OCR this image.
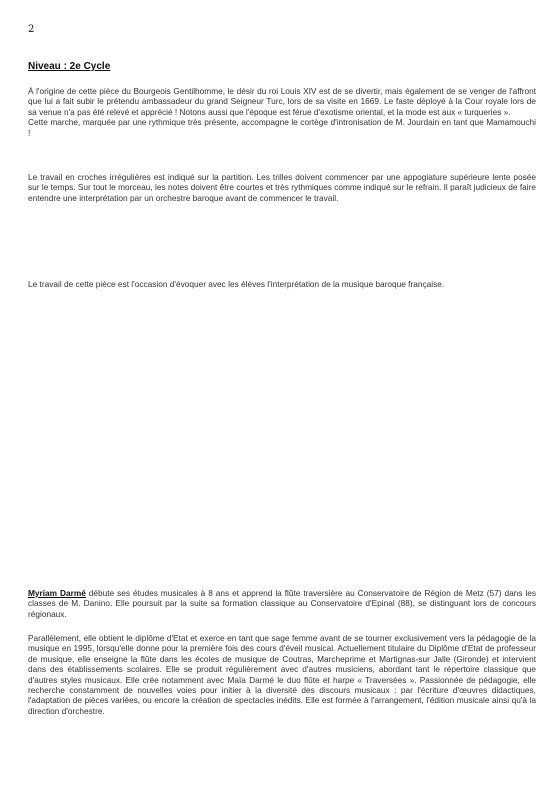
2
Niveau : 2e Cycle

À l'origine de cette pièce du Bourgeois Gentilhomme, le désir du roi Louis XIV est de se divertir, mais également de se venger de l'affront que lui a fait subir le prétendu ambassadeur du grand Seigneur Turc, lors de sa visite en 1669. Le faste déployé à la Cour royale lors de sa venue n'a pas été relevé et apprécié ! Notons aussi que l'époque est férue d'exotisme oriental, et la mode est aux « turqueries ».

Cette marche, marquée par une rythmique très présente, accompagne le cortège d'intronisation de M. Jourdain en tant que Mamamouchi !

Le travail en croches irrégulières est indiqué sur la partition. Les trilles doivent commencer par une appogiature supérieure lente posée sur le temps. Sur tout le morceau, les notes doivent être courtes et très rythmiques comme indiqué sur le refrain. Il paraît judicieux de faire entendre une interprétation par un orchestre baroque avant de commencer le travail.

Le travail de cette pièce est l'occasion d'évoquer avec les élèves l'interprétation de la musique baroque française.

Myriam Darmé débute ses études musicales à 8 ans et apprend la flûte traversière au Conservatoire de Région de Metz (57) dans les classes de M. Danino. Elle poursuit par la suite sa formation classique au Conservatoire d'Epinal (88), se distinguant lors de concours régionaux.

Parallèlement, elle obtient le diplôme d'Etat et exerce en tant que sage femme avant de se tourner exclusivement vers la pédagogie de la musique en 1995, lorsqu'elle donne pour la première fois des cours d'éveil musical. Actuellement titulaire du Diplôme d'Etat de professeur de musique, elle enseigne la flûte dans les écoles de musique de Coutras, Marcheprime et Martignas-sur Jalle (Gironde) et intervient dans des établissements scolaires. Elle se produit régulièrement avec d'autres musiciens, abordant tant le répertoire classique que d'autres styles musicaux. Elle crée notamment avec Maïa Darmé le duo flûte et harpe « Traversées ». Passionnée de pédagogie, elle recherche constamment de nouvelles voies pour initier à la diversité des discours musicaux : par l'écriture d'œuvres didactiques, l'adaptation de pièces variées, ou encore la création de spectacles inédits. Elle est formée à l'arrangement, l'édition musicale ainsi qu'à la direction d'orchestre.
